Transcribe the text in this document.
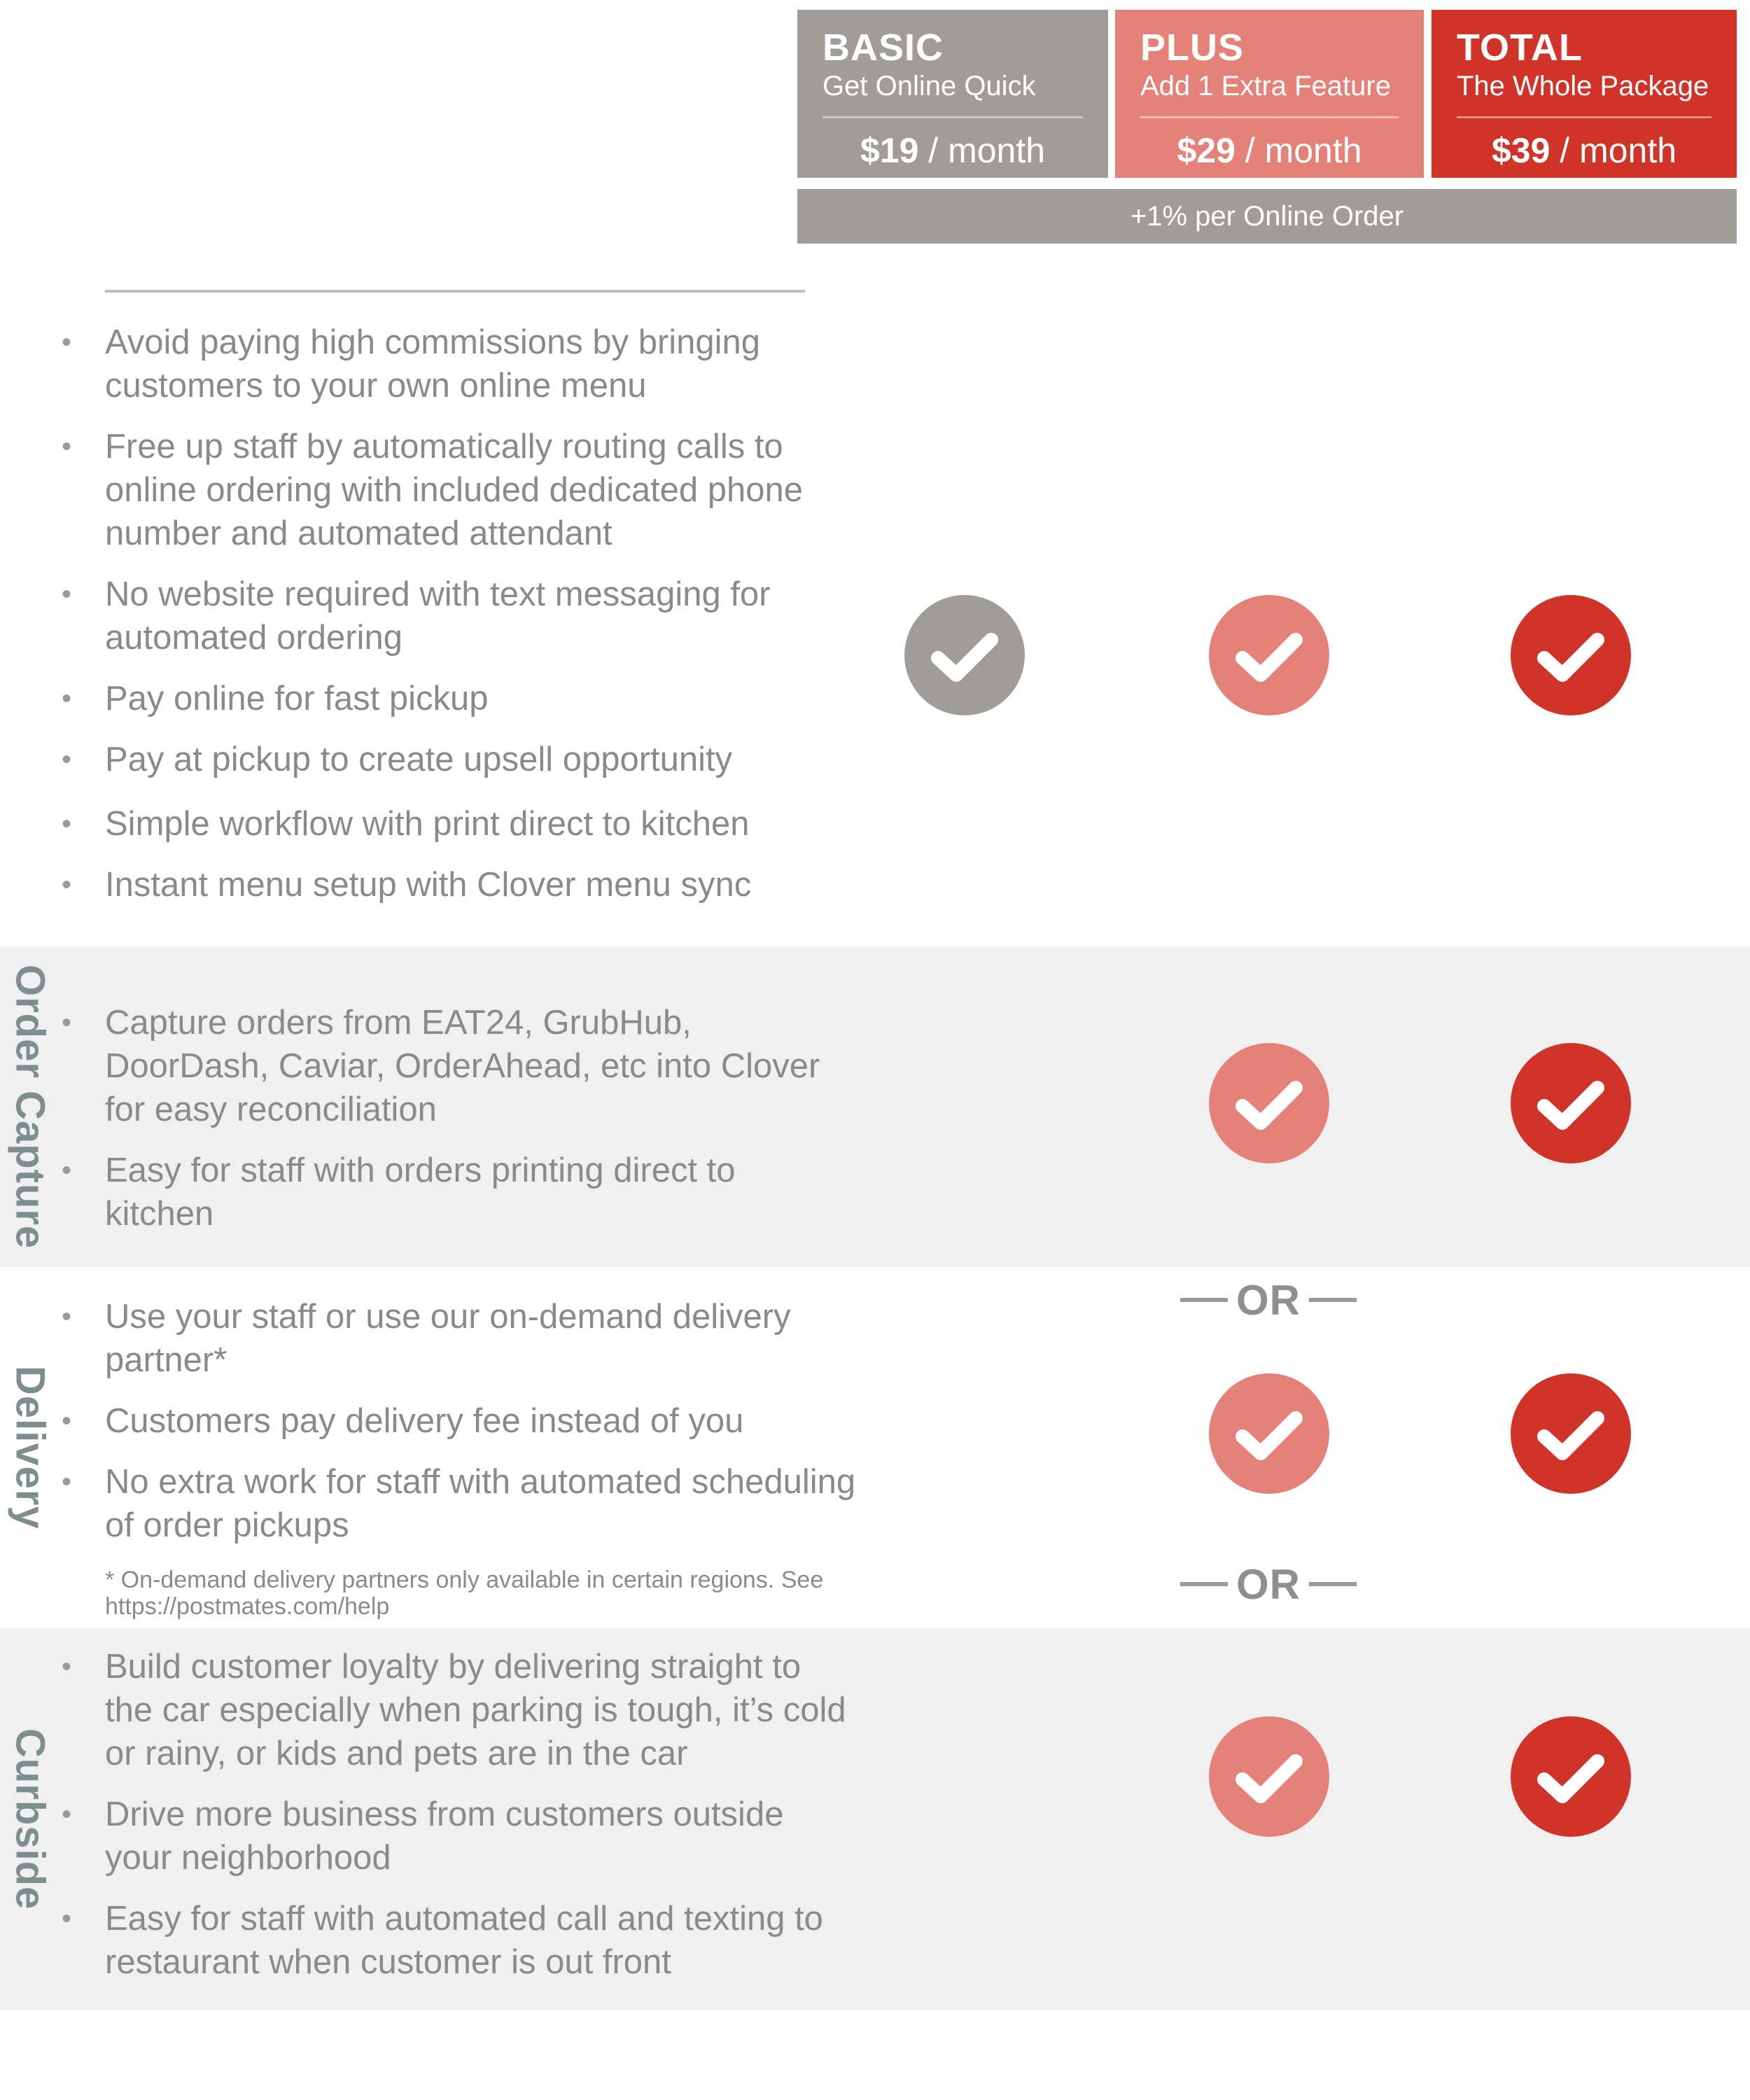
BASIC
Get Online Quick
$19 / month
PLUS
Add 1 Extra Feature
$29 / month
TOTAL
The Whole Package
$39 / month
+1% per Online Order
• Avoid paying high commissions by bringing customers to your own online menu
• Free up staff by automatically routing calls to online ordering with included dedicated phone number and automated attendant
• No website required with text messaging for automated ordering
• Pay online for fast pickup
• Pay at pickup to create upsell opportunity
• Simple workflow with print direct to kitchen
• Instant menu setup with Clover menu sync
Order Capture
•	Capture orders from EAT24, GrubHub, DoorDash, Caviar, OrderAhead, etc into Clover for easy reconciliation
• Easy for staff with orders printing direct to kitchen
OR
Delivery
• Use your staff or use our on-demand delivery partner*
• Customers pay delivery fee instead of you
• No extra work for staff with automated scheduling of order pickups
* On-demand delivery partners only available in certain regions. See https://postmates.com/help	OR
Curbside
• Build customer loyalty by delivering straight to the car especially when parking is tough, it’s cold or rainy, or kids and pets are in the car
• Drive more business from customers outside your neighborhood
• Easy for staff with automated call and texting to restaurant when customer is out front
